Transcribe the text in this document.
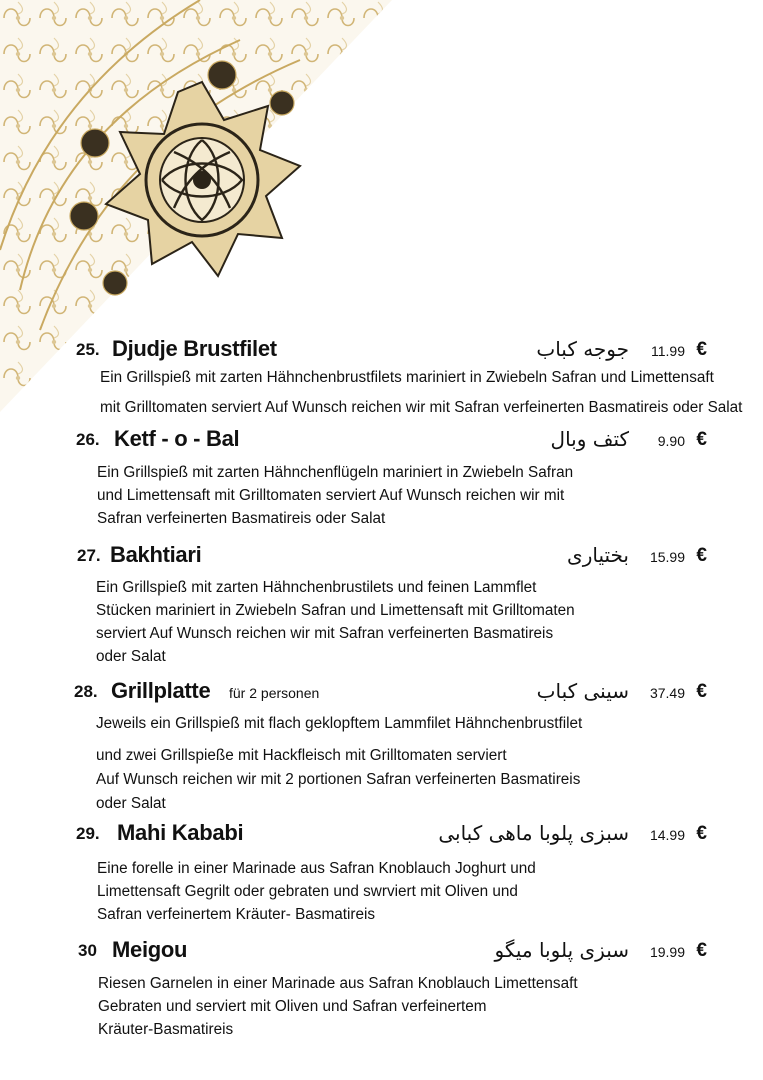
25. Djudje Brustfilet	جوجه کباب 11.99 €
Ein Grillspieß mit zarten Hähnchenbrustfilets mariniert in Zwiebeln Safran und Limettensaft
mit Grilltomaten serviert Auf Wunsch reichen wir mit Safran verfeinerten Basmatireis oder Salat
26. Ketf - o - Bal	کتف وبال 9.90 €
Ein Grillspieß mit zarten Hähnchenflügeln mariniert in Zwiebeln Safran
und Limettensaft mit Grilltomaten serviert Auf Wunsch reichen wir mit
Safran verfeinerten Basmatireis oder Salat
27. Bakhtiari	بختیاری 15.99 €
Ein Grillspieß mit zarten Hähnchenbrustilets und feinen Lammflet
Stücken mariniert in Zwiebeln Safran und Limettensaft mit Grilltomaten
serviert Auf Wunsch reichen wir mit Safran verfeinerten Basmatireis
oder Salat
28. Grillplatte für 2 personen	سینی کباب 37.49 €
Jeweils ein Grillspieß mit flach geklopftem Lammfilet Hähnchenbrustfilet
und zwei Grillspieße mit Hackfleisch mit Grilltomaten serviert
Auf Wunsch reichen wir mit 2 portionen Safran verfeinerten Basmatireis
oder Salat
29. Mahi Kababi	سبزی پلوبا ماهی کبابی 14.99 €
Eine forelle in einer Marinade aus Safran Knoblauch Joghurt und
Limettensaft Gegrilt oder gebraten und swrviert mit Oliven und
Safran verfeinertem Kräuter- Basmatireis
30 Meigou	سبزی پلوبا میگو 19.99 €
Riesen Garnelen in einer Marinade aus Safran Knoblauch Limettensaft
Gebraten und serviert mit Oliven und Safran verfeinertem
Kräuter-Basmatireis
